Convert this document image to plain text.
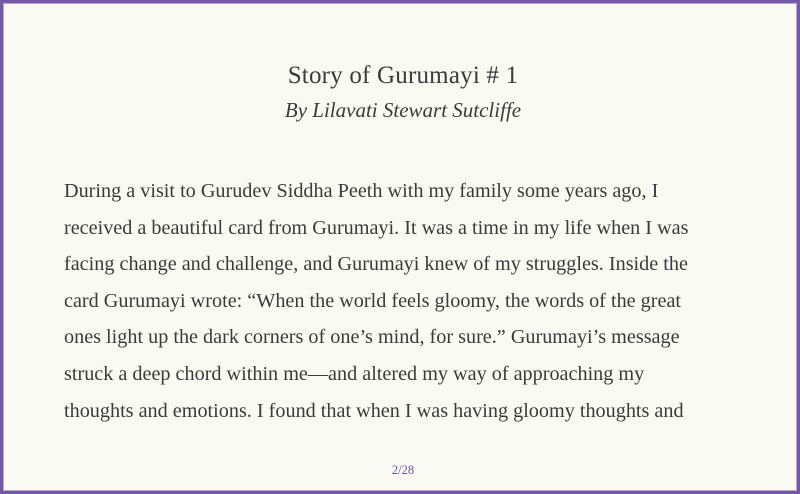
Story of Gurumayi # 1

By Lilavati Stewart Sutcliffe

During a visit to Gurudev Siddha Peeth with my family some years ago, I
received a beautiful card from Gurumayi. It was a time in my life when I was
facing change and challenge, and Gurumayi knew of my struggles. Inside the
card Gurumayi wrote: “When the world feels gloomy, the words of the great
ones light up the dark corners of one’s mind, for sure.” Gurumayi’s message
struck a deep chord within me—and altered my way of approaching my
thoughts and emotions. I found that when I was having gloomy thoughts and

2/28
